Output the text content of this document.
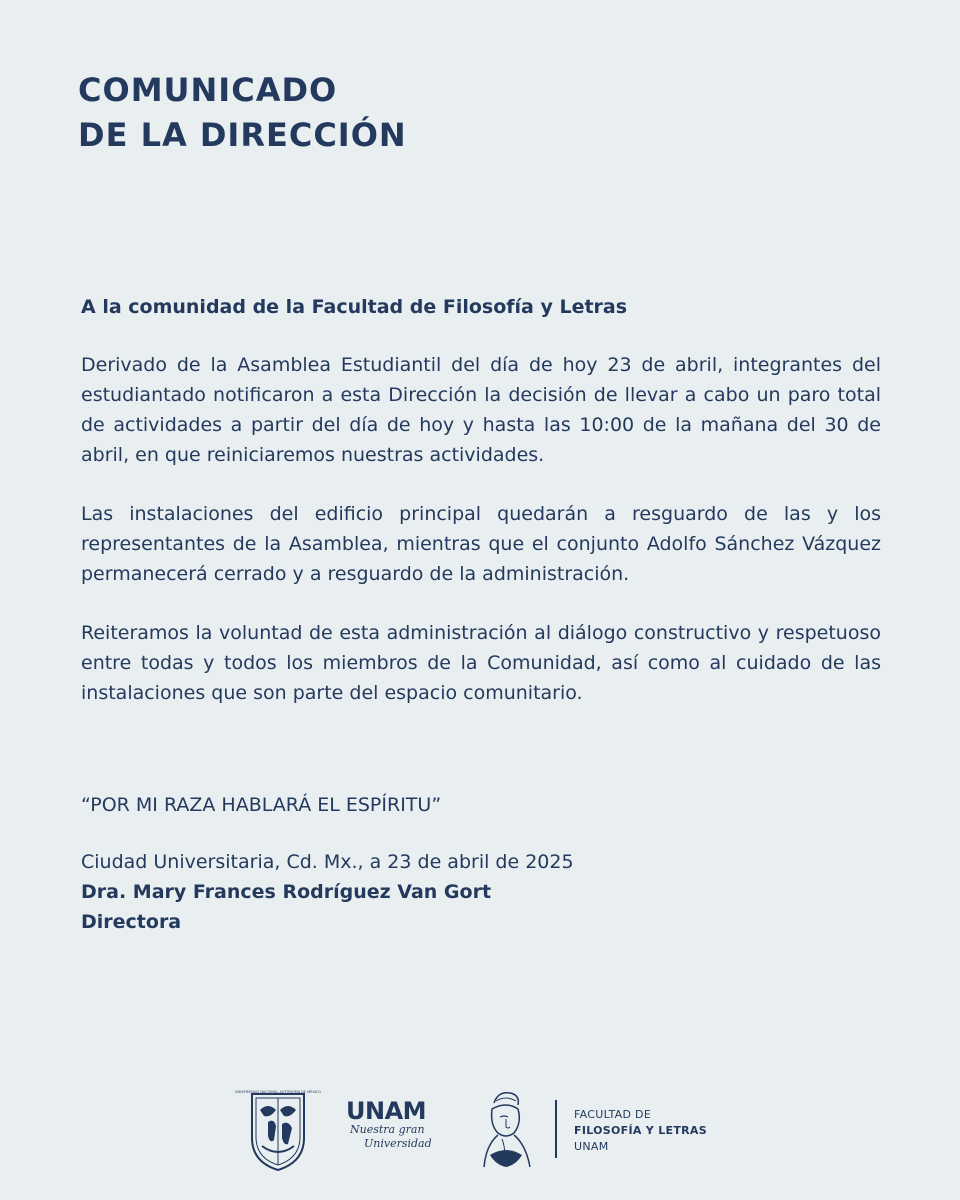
COMUNICADO
DE LA DIRECCIÓN

A la comunidad de la Facultad de Filosofía y Letras

Derivado de la Asamblea Estudiantil del día de hoy 23 de abril, integrantes del estudiantado notificaron a esta Dirección la decisión de llevar a cabo un paro total de actividades a partir del día de hoy y hasta las 10:00 de la mañana del 30 de abril, en que reiniciaremos nuestras actividades.

Las instalaciones del edificio principal quedarán a resguardo de las y los representantes de la Asamblea, mientras que el conjunto Adolfo Sánchez Vázquez permanecerá cerrado y a resguardo de la administración.

Reiteramos la voluntad de esta administración al diálogo constructivo y respetuoso entre todas y todos los miembros de la Comunidad, así como al cuidado de las instalaciones que son parte del espacio comunitario.

“POR MI RAZA HABLARÁ EL ESPÍRITU”

Ciudad Universitaria, Cd. Mx., a 23 de abril de 2025

Dra. Mary Frances Rodríguez Van Gort

Directora

UNIVERSIDAD NACIONAL AUTÓNOMA DE MÉXICO
UNAM
Nuestra gran
Universidad
FACULTAD DE
FILOSOFÍA Y LETRAS
UNAM
